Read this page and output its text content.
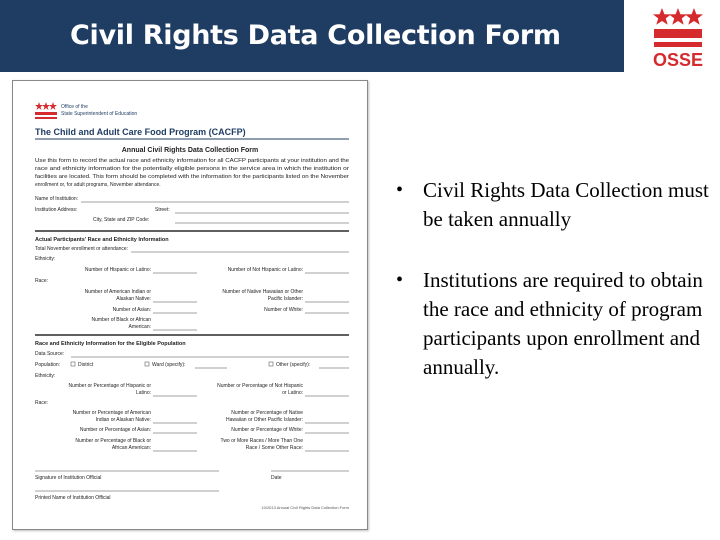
Civil Rights Data Collection Form
OSSE
Office of the
State Superintendent of Education
The Child and Adult Care Food Program (CACFP)
Annual Civil Rights Data Collection Form
Use this form to record the actual race and ethnicity information for all CACFP participants at your institution and the
race and ethnicity information for the potentially eligible persons in the service area in which the institution or
facilities are located. This form should be completed with the information for the participants listed on the November
enrollment or, for adult programs, November attendance.
Name of Institution:
Institution Address:	Street:
City, State and ZIP Code:
Actual Participants' Race and Ethnicity Information
Total November enrollment or attendance:
Ethnicity:
Number of Hispanic or Latino:	Number of Not Hispanic or Latino:
Race:
Number of American Indian or
Alaskan Native:
Number of Native Hawaiian or Other
Pacific Islander:
Number of Asian:	Number of White:
Number of Black or African
American:
Race and Ethnicity Information for the Eligible Population
Data Source:
Population:	District	Ward (specify):	Other (specify):
Ethnicity:
Number or Percentage of Hispanic or
Latino:
Number or Percentage of Not Hispanic
or Latino:
Race:
Number or Percentage of American
Indian or Alaskan Native:
Number or Percentage of Native
Hawaiian or Other Pacific Islander:
Number or Percentage of Asian:	Number or Percentage of White:
Number or Percentage of Black or
African American:
Two or More Races / More Than One
Race / Some Other Race:
Signature of Institution Official	Date
Printed Name of Institution Official
10/2013 Annual Civil Rights Data Collection Form
• Civil Rights Data Collection must be taken annually
• Institutions are required to obtain the race and ethnicity of program participants upon enrollment and annually.
